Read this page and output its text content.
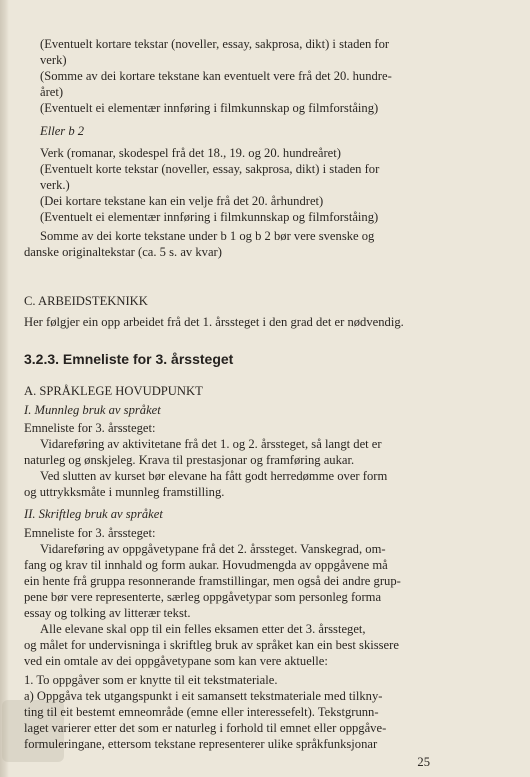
(Eventuelt kortare tekstar (noveller, essay, sakprosa, dikt) i staden for
verk)
(Somme av dei kortare tekstane kan eventuelt vere frå det 20. hundre-
året)
(Eventuelt ei elementær innføring i filmkunnskap og filmforståing)
Eller b 2
Verk (romanar, skodespel frå det 18., 19. og 20. hundreåret)
(Eventuelt korte tekstar (noveller, essay, sakprosa, dikt) i staden for
verk.)
(Dei kortare tekstane kan ein velje frå det 20. århundret)
(Eventuelt ei elementær innføring i filmkunnskap og filmforståing)
Somme av dei korte tekstane under b 1 og b 2 bør vere svenske og
danske originaltekstar (ca. 5 s. av kvar)
C. ARBEIDSTEKNIKK
Her følgjer ein opp arbeidet frå det 1. årssteget i den grad det er nødvendig.
A. SPRÅKLEGE HOVUDPUNKT
I. Munnleg bruk av språket
Emneliste for 3. årssteget:
Vidareføring av aktivitetane frå det 1. og 2. årssteget, så langt det er
naturleg og ønskjeleg. Krava til prestasjonar og framføring aukar.
Ved slutten av kurset bør elevane ha fått godt herredømme over form
og uttrykksmåte i munnleg framstilling.
II. Skriftleg bruk av språket
Emneliste for 3. årssteget:
Vidareføring av oppgåvetypane frå det 2. årssteget. Vanskegrad, om-
fang og krav til innhald og form aukar. Hovudmengda av oppgåvene må
ein hente frå gruppa resonnerande framstillingar, men også dei andre grup-
pene bør vere representerte, særleg oppgåvetypar som personleg forma
essay og tolking av litterær tekst.
Alle elevane skal opp til ein felles eksamen etter det 3. årssteget,
og målet for undervisninga i skriftleg bruk av språket kan ein best skissere
ved ein omtale av dei oppgåvetypane som kan vere aktuelle:
1. To oppgåver som er knytte til eit tekstmateriale.
a) Oppgåva tek utgangspunkt i eit samansett tekstmateriale med tilkny-
ting til eit bestemt emneområde (emne eller interessefelt). Tekstgrunn-
laget varierer etter det som er naturleg i forhold til emnet eller oppgåve-
formuleringane, ettersom tekstane representerer ulike språkfunksjonar
3.2.3. Emneliste for 3. årssteget
25
